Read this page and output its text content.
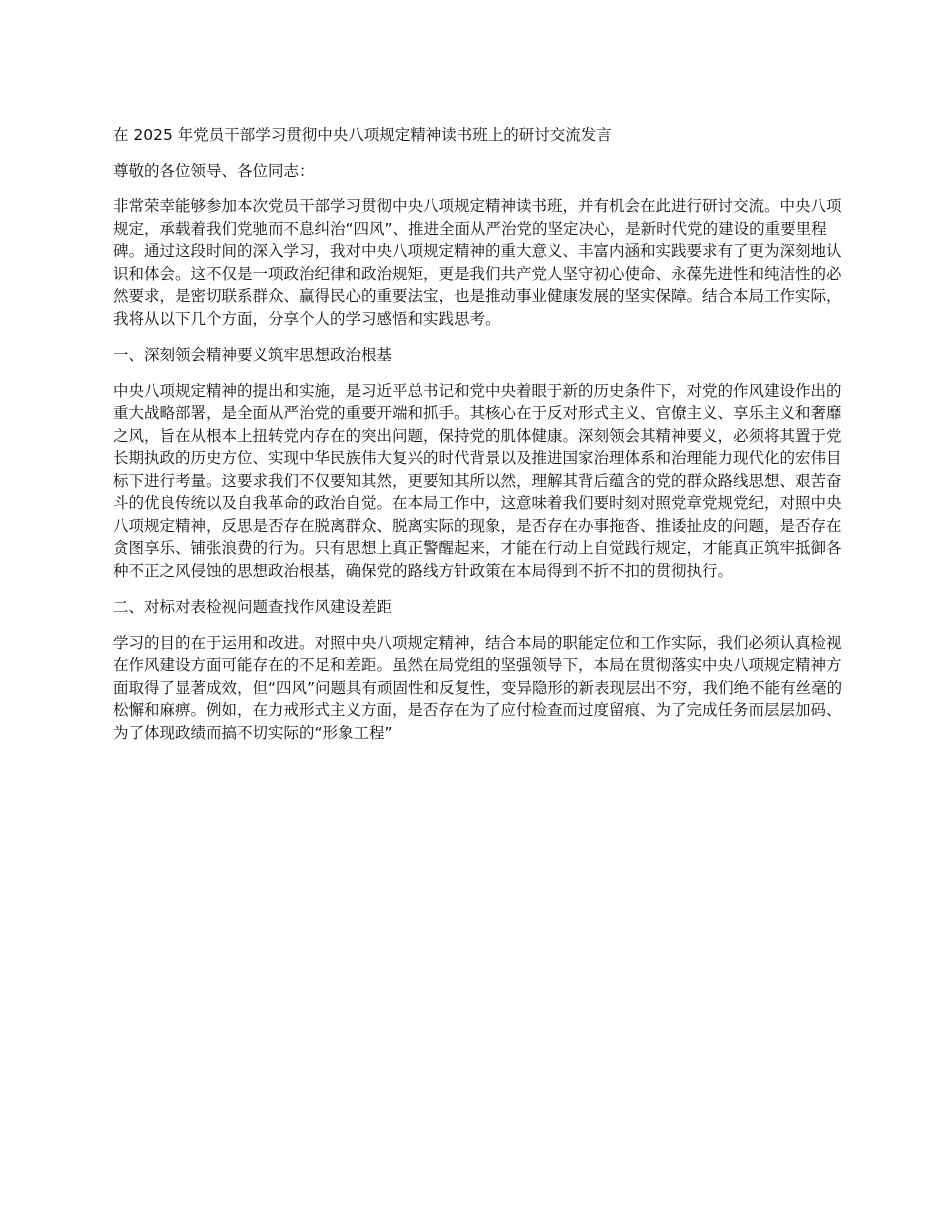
在 2025 年党员干部学习贯彻中央八项规定精神读书班上的研讨交流发言

尊敬的各位领导、各位同志：

非常荣幸能够参加本次党员干部学习贯彻中央八项规定精神读书班，并有机会在此进行研讨交流。中央八项规定，承载着我们党驰而不息纠治“四风”、推进全面从严治党的坚定决心，是新时代党的建设的重要里程碑。通过这段时间的深入学习，我对中央八项规定精神的重大意义、丰富内涵和实践要求有了更为深刻地认识和体会。这不仅是一项政治纪律和政治规矩，更是我们共产党人坚守初心使命、永葆先进性和纯洁性的必然要求，是密切联系群众、赢得民心的重要法宝，也是推动事业健康发展的坚实保障。结合本局工作实际，我将从以下几个方面，分享个人的学习感悟和实践思考。

一、深刻领会精神要义筑牢思想政治根基

中央八项规定精神的提出和实施，是习近平总书记和党中央着眼于新的历史条件下，对党的作风建设作出的重大战略部署，是全面从严治党的重要开端和抓手。其核心在于反对形式主义、官僚主义、享乐主义和奢靡之风，旨在从根本上扭转党内存在的突出问题，保持党的肌体健康。深刻领会其精神要义，必须将其置于党长期执政的历史方位、实现中华民族伟大复兴的时代背景以及推进国家治理体系和治理能力现代化的宏伟目标下进行考量。这要求我们不仅要知其然，更要知其所以然，理解其背后蕴含的党的群众路线思想、艰苦奋斗的优良传统以及自我革命的政治自觉。在本局工作中，这意味着我们要时刻对照党章党规党纪，对照中央八项规定精神，反思是否存在脱离群众、脱离实际的现象，是否存在办事拖沓、推诿扯皮的问题，是否存在贪图享乐、铺张浪费的行为。只有思想上真正警醒起来，才能在行动上自觉践行规定，才能真正筑牢抵御各种不正之风侵蚀的思想政治根基，确保党的路线方针政策在本局得到不折不扣的贯彻执行。

二、对标对表检视问题查找作风建设差距

学习的目的在于运用和改进。对照中央八项规定精神，结合本局的职能定位和工作实际，我们必须认真检视在作风建设方面可能存在的不足和差距。虽然在局党组的坚强领导下，本局在贯彻落实中央八项规定精神方面取得了显著成效，但“四风”问题具有顽固性和反复性，变异隐形的新表现层出不穷，我们绝不能有丝毫的松懈和麻痹。例如，在力戒形式主义方面，是否存在为了应付检查而过度留痕、为了完成任务而层层加码、为了体现政绩而搞不切实际的“形象工程”
